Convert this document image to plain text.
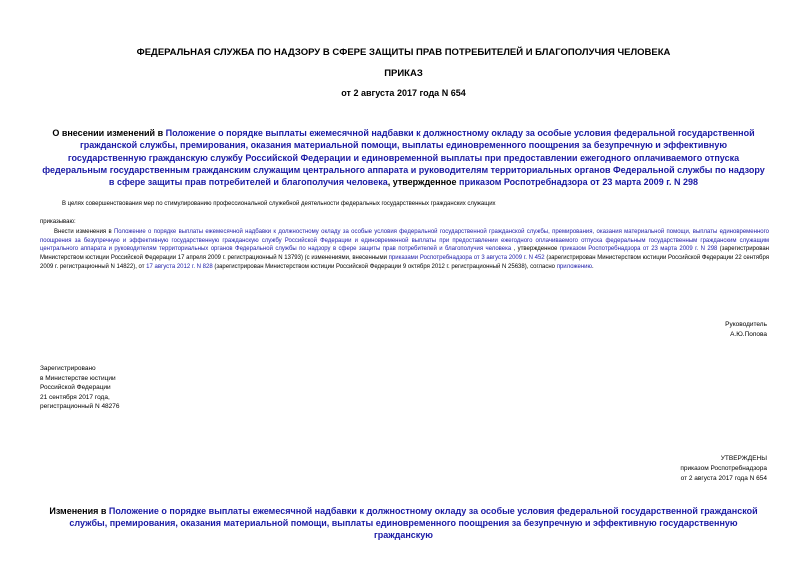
ФЕДЕРАЛЬНАЯ СЛУЖБА ПО НАДЗОРУ В СФЕРЕ ЗАЩИТЫ ПРАВ ПОТРЕБИТЕЛЕЙ И БЛАГОПОЛУЧИЯ ЧЕЛОВЕКА
ПРИКАЗ
от 2 августа 2017 года N 654
О внесении изменений в Положение о порядке выплаты ежемесячной надбавки к должностному окладу за особые условия федеральной государственной гражданской службы, премирования, оказания материальной помощи, выплаты единовременного поощрения за безупречную и эффективную государственную гражданскую службу Российской Федерации и единовременной выплаты при предоставлении ежегодного оплачиваемого отпуска федеральным государственным гражданским служащим центрального аппарата и руководителям территориальных органов Федеральной службы по надзору в сфере защиты прав потребителей и благополучия человека, утвержденное приказом Роспотребнадзора от 23 марта 2009 г. N 298
В целях совершенствования мер по стимулированию профессиональной служебной деятельности федеральных государственных гражданских служащих
приказываю:
Внести изменения в Положение о порядке выплаты ежемесячной надбавки к должностному окладу за особые условия федеральной государственной гражданской службы, премирования, оказания материальной помощи, выплаты единовременного поощрения за безупречную и эффективную государственную гражданскую службу Российской Федерации и единовременной выплаты при предоставлении ежегодного оплачиваемого отпуска федеральным государственным гражданским служащим центрального аппарата и руководителям территориальных органов Федеральной службы по надзору в сфере защиты прав потребителей и благополучия человека , утвержденное приказом Роспотребнадзора от 23 марта 2009 г. N 298 (зарегистрирован Министерством юстиции Российской Федерации 17 апреля 2009 г. регистрационный N 13793) (с изменениями, внесенными приказами Роспотребнадзора от 3 августа 2009 г. N 452 (зарегистрирован Министерством юстиции Российской Федерации 22 сентября 2009 г. регистрационный N 14822), от 17 августа 2012 г. N 828 (зарегистрирован Министерством юстиции Российской Федерации 9 октября 2012 г. регистрационный N 25638), согласно приложению.
Руководитель
А.Ю.Попова
Зарегистрировано
в Министерстве юстиции
Российской Федерации
21 сентября 2017 года,
регистрационный N 48276
УТВЕРЖДЕНЫ
приказом Роспотребнадзора
от 2 августа 2017 года N 654
Изменения в Положение о порядке выплаты ежемесячной надбавки к должностному окладу за особые условия федеральной государственной гражданской службы, премирования, оказания материальной помощи, выплаты единовременного поощрения за безупречную и эффективную государственную гражданскую
